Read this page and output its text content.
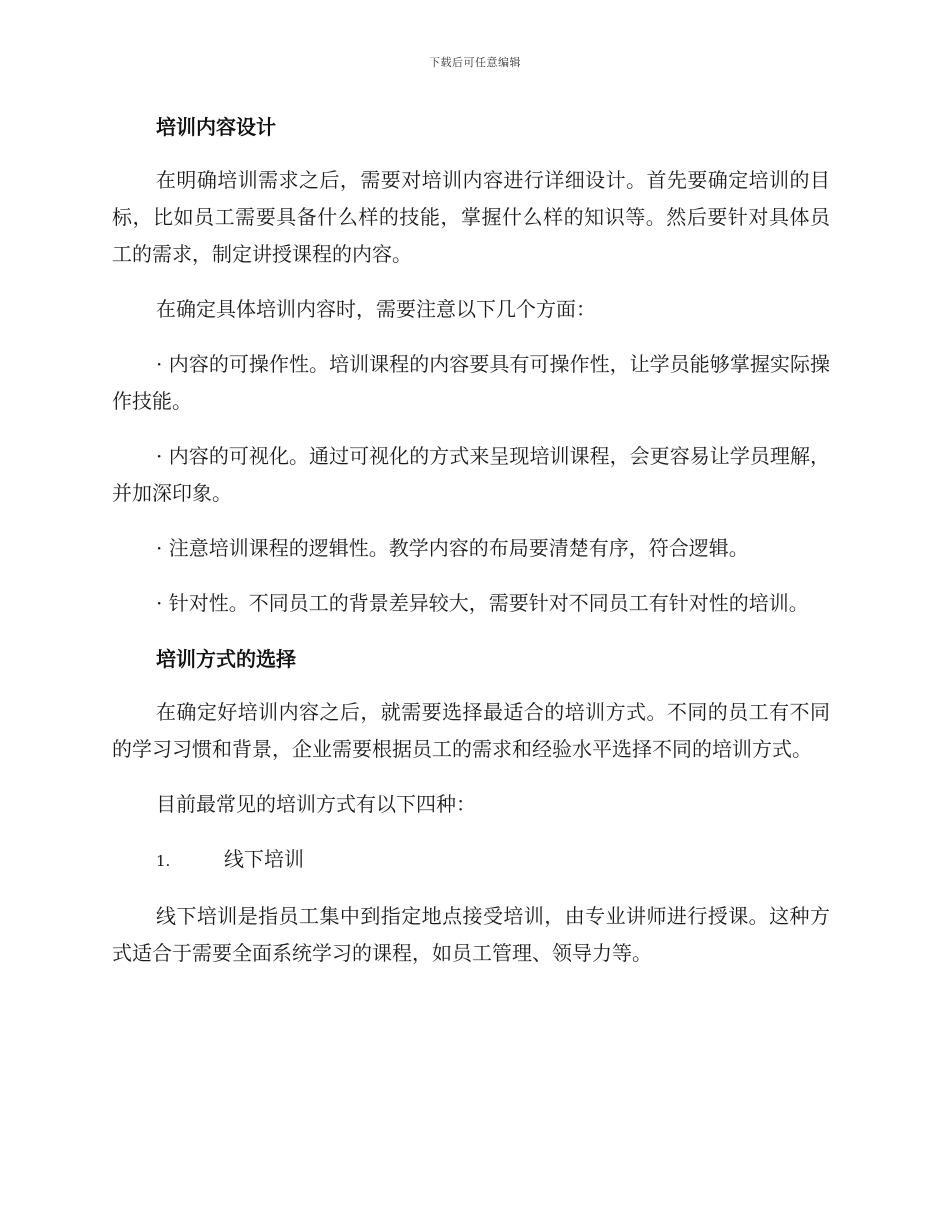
下载后可任意编辑
培训内容设计

在明确培训需求之后，需要对培训内容进行详细设计。首先要确定培训的目标，比如员工需要具备什么样的技能，掌握什么样的知识等。然后要针对具体员工的需求，制定讲授课程的内容。

在确定具体培训内容时，需要注意以下几个方面：

· 内容的可操作性。培训课程的内容要具有可操作性，让学员能够掌握实际操作技能。

· 内容的可视化。通过可视化的方式来呈现培训课程，会更容易让学员理解，并加深印象。

· 注意培训课程的逻辑性。教学内容的布局要清楚有序，符合逻辑。

· 针对性。不同员工的背景差异较大，需要针对不同员工有针对性的培训。

培训方式的选择

在确定好培训内容之后，就需要选择最适合的培训方式。不同的员工有不同的学习习惯和背景，企业需要根据员工的需求和经验水平选择不同的培训方式。

目前最常见的培训方式有以下四种：

1.	线下培训

线下培训是指员工集中到指定地点接受培训，由专业讲师进行授课。这种方式适合于需要全面系统学习的课程，如员工管理、领导力等。
